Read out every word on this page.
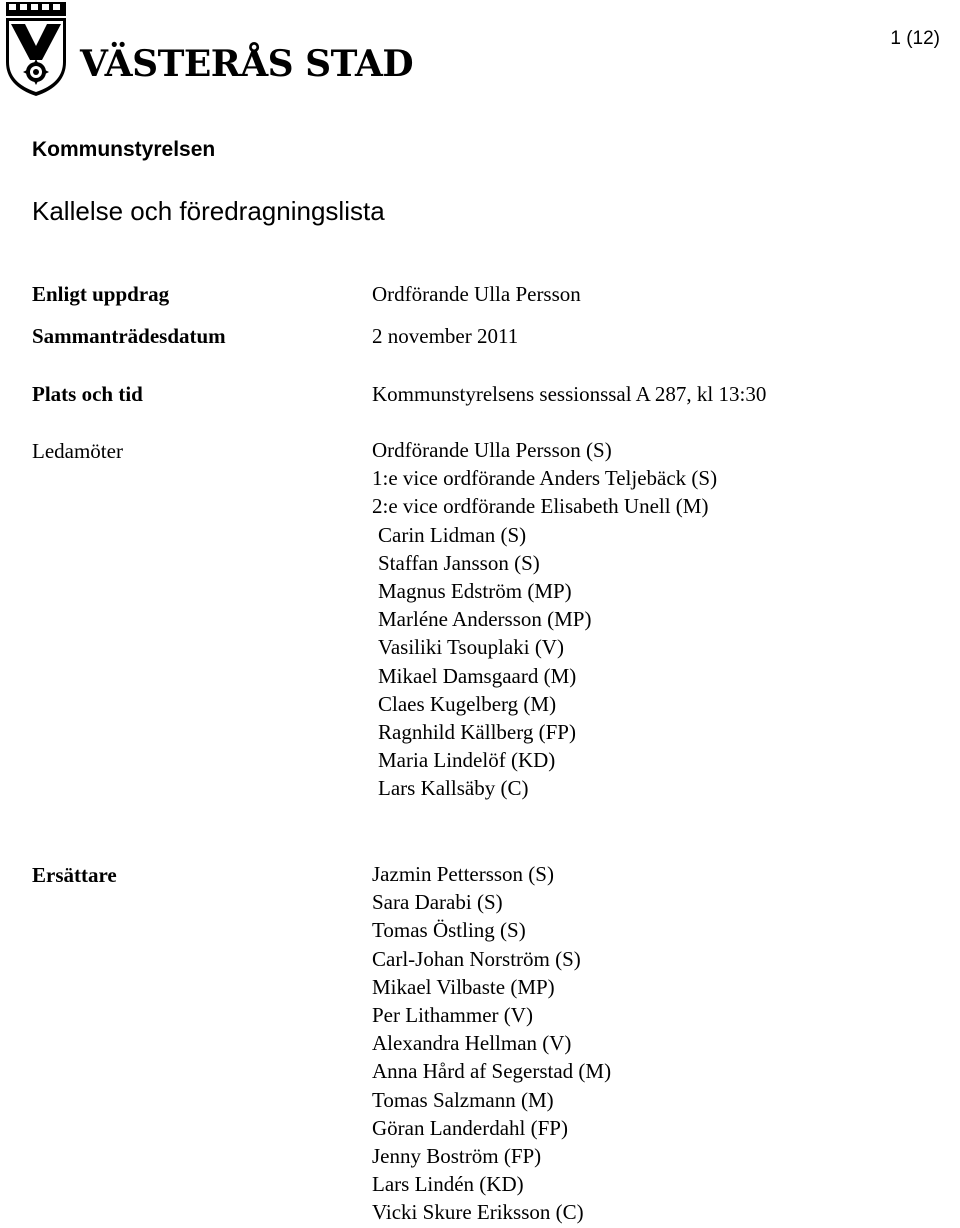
VÄSTERÅS STAD
1 (12)
Kommunstyrelsen
Kallelse och föredragningslista
Enligt uppdrag	Ordförande Ulla Persson
Sammanträdesdatum	2 november 2011
Plats och tid	Kommunstyrelsens sessionssal A 287, kl 13:30
Ledamöter	Ordförande Ulla Persson (S)
1:e vice ordförande Anders Teljebäck (S)
2:e vice ordförande Elisabeth Unell (M)
Carin Lidman (S)
Staffan Jansson (S)
Magnus Edström (MP)
Marléne Andersson (MP)
Vasiliki Tsouplaki (V)
Mikael Damsgaard (M)
Claes Kugelberg (M)
Ragnhild Källberg (FP)
Maria Lindelöf (KD)
Lars Kallsäby (C)
Ersättare	Jazmin Pettersson (S)
Sara Darabi (S)
Tomas Östling (S)
Carl-Johan Norström (S)
Mikael Vilbaste (MP)
Per Lithammer (V)
Alexandra Hellman (V)
Anna Hård af Segerstad (M)
Tomas Salzmann (M)
Göran Landerdahl (FP)
Jenny Boström (FP)
Lars Lindén (KD)
Vicki Skure Eriksson (C)
